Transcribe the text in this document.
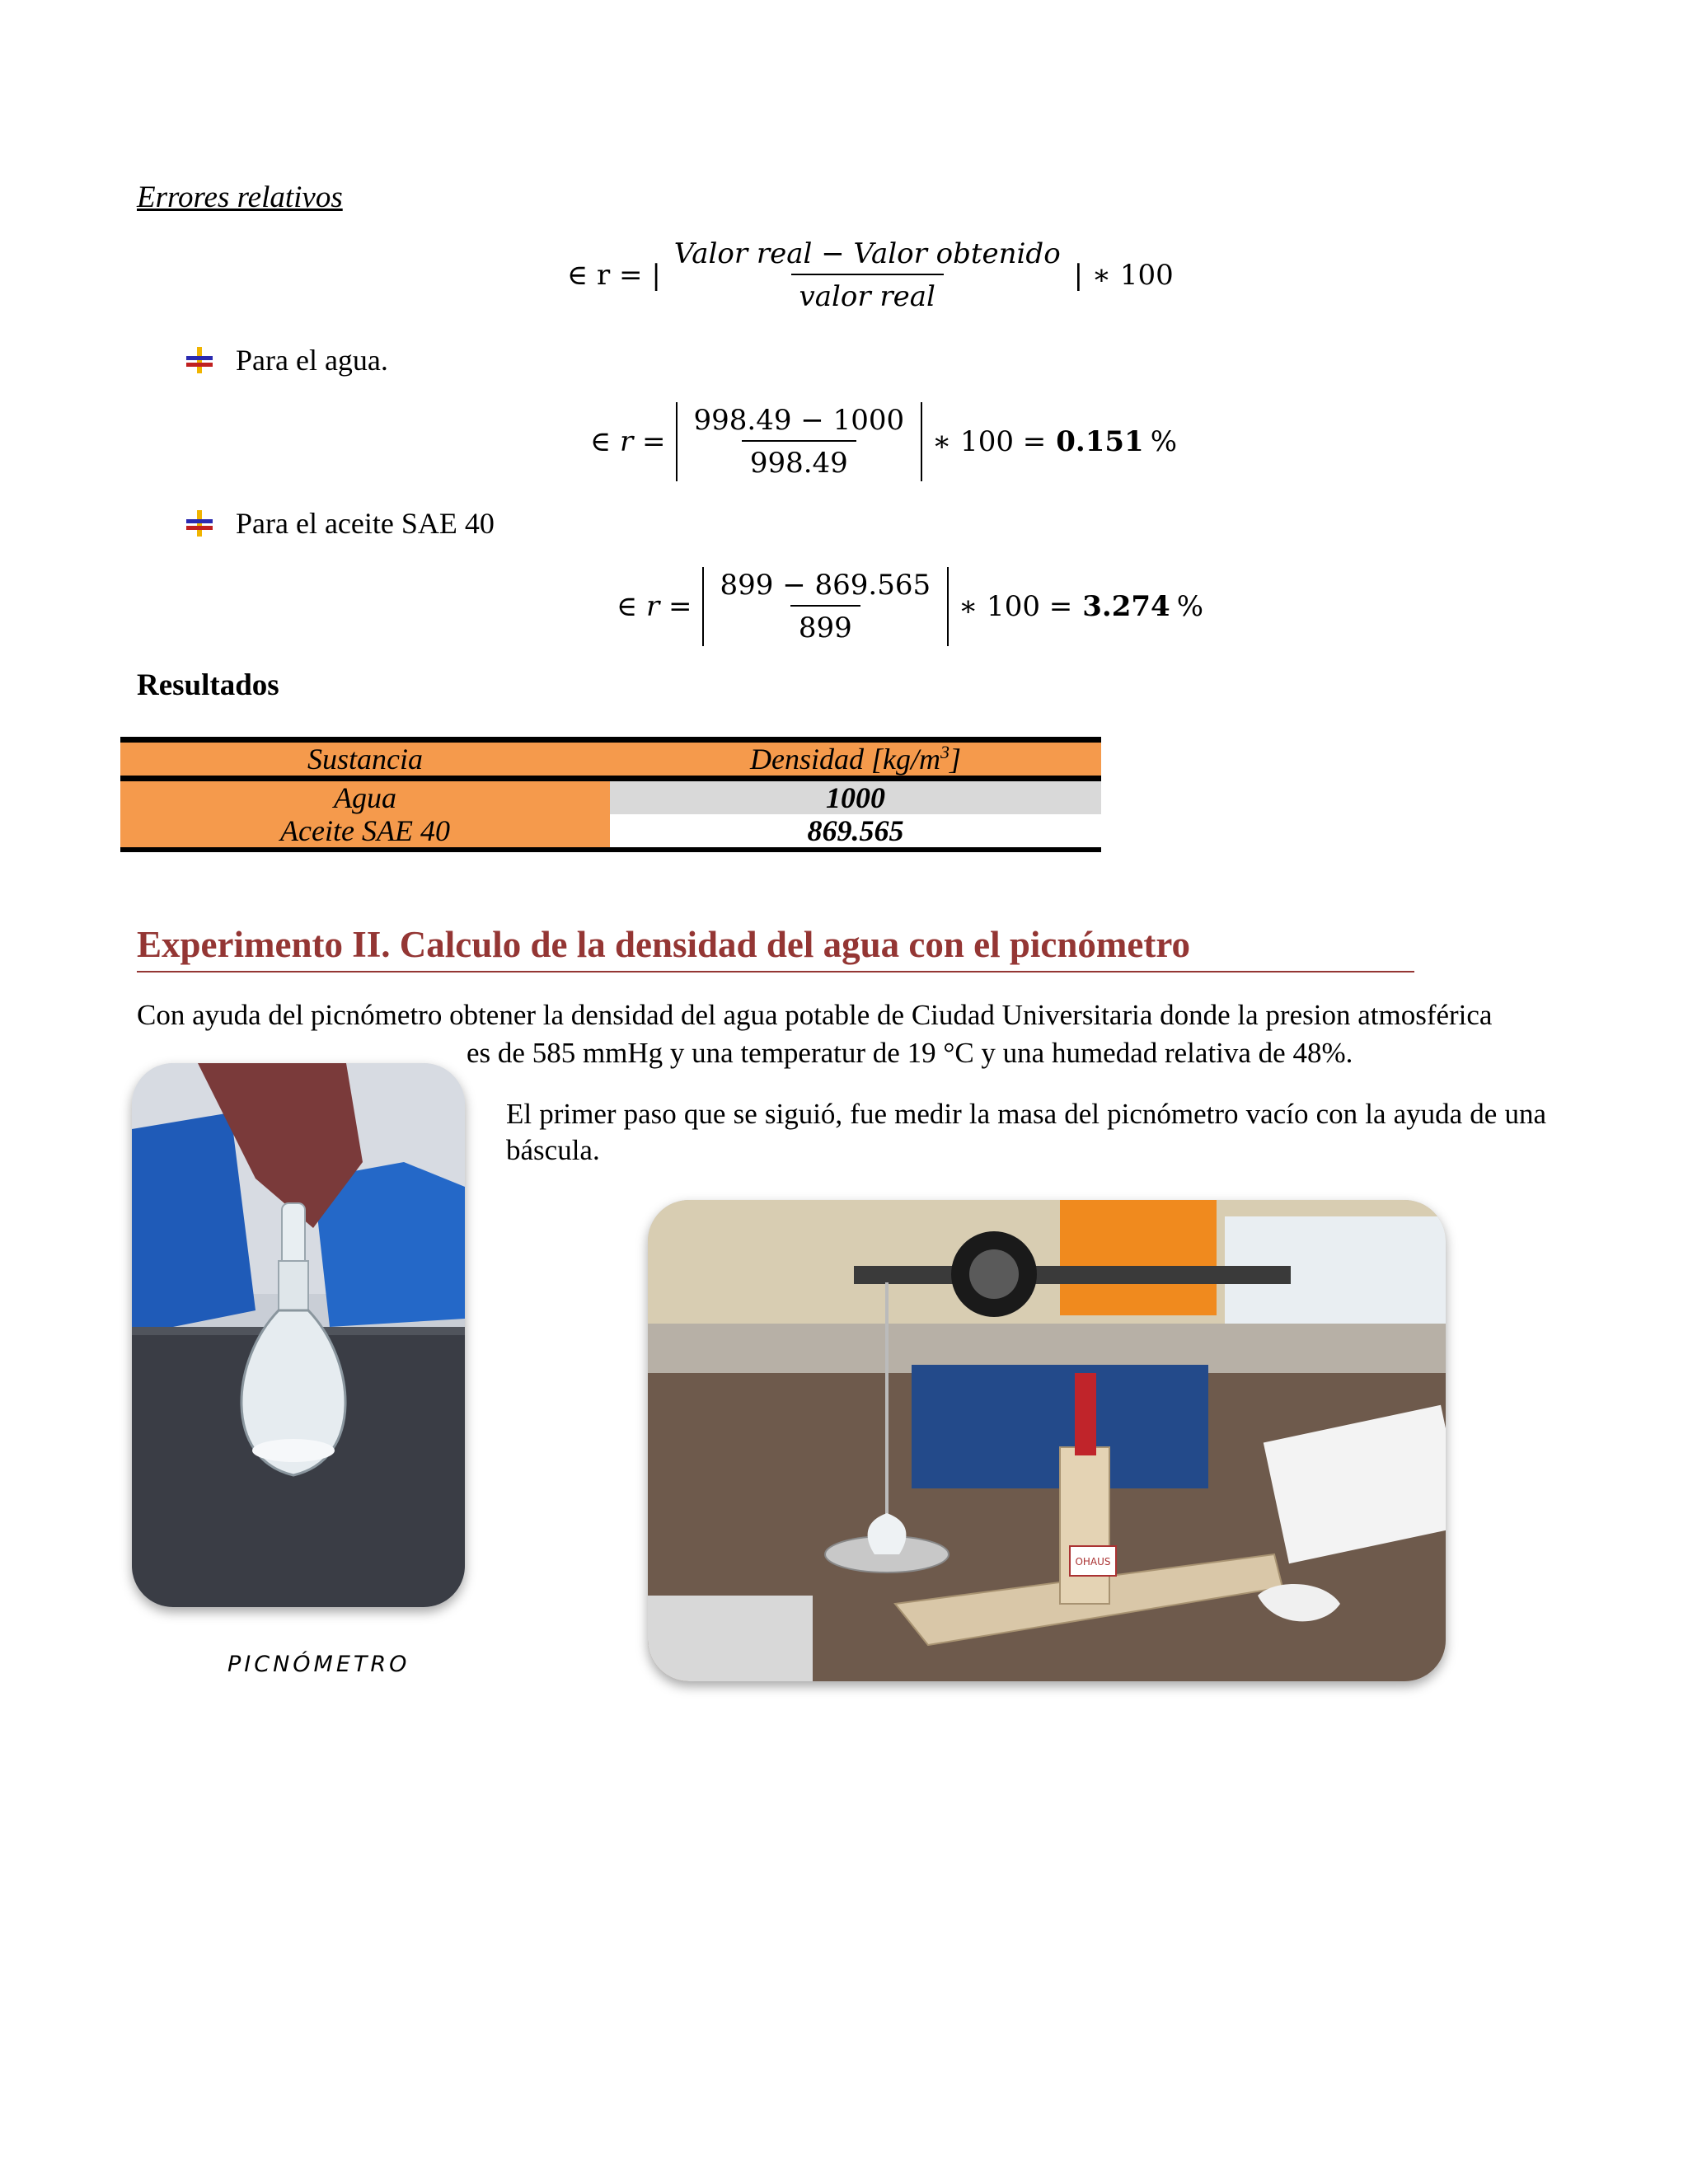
Errores relativos
∈ r = | $\frac{\text{Valor real − Valor obtenido}}{\text{valor real}}$ | ∗ 100
Para el agua.
∈ $r = \frac{998.49 - 1000}{998.49}$ ∗ 100 = 0.151 %
Para el aceite SAE 40
∈ $r = \frac{899 - 869.565}{899}$ ∗ 100 = 3.274 %
Resultados
Sustancia	Densidad $[kg/m^3]$
Agua	1000
Aceite SAE 40	869.565
Experimento II. Calculo de la densidad del agua con el picnómetro
Con ayuda del picnómetro obtener la densidad del agua potable de Ciudad Universitaria donde la presion atmosférica
es de 585 mmHg y una temperatur de 19 °C y una humedad relativa de 48%.
El primer paso que se siguió, fue medir la masa del picnómetro vacío con la ayuda de una báscula.
PICNÓMETRO
OHAUS
